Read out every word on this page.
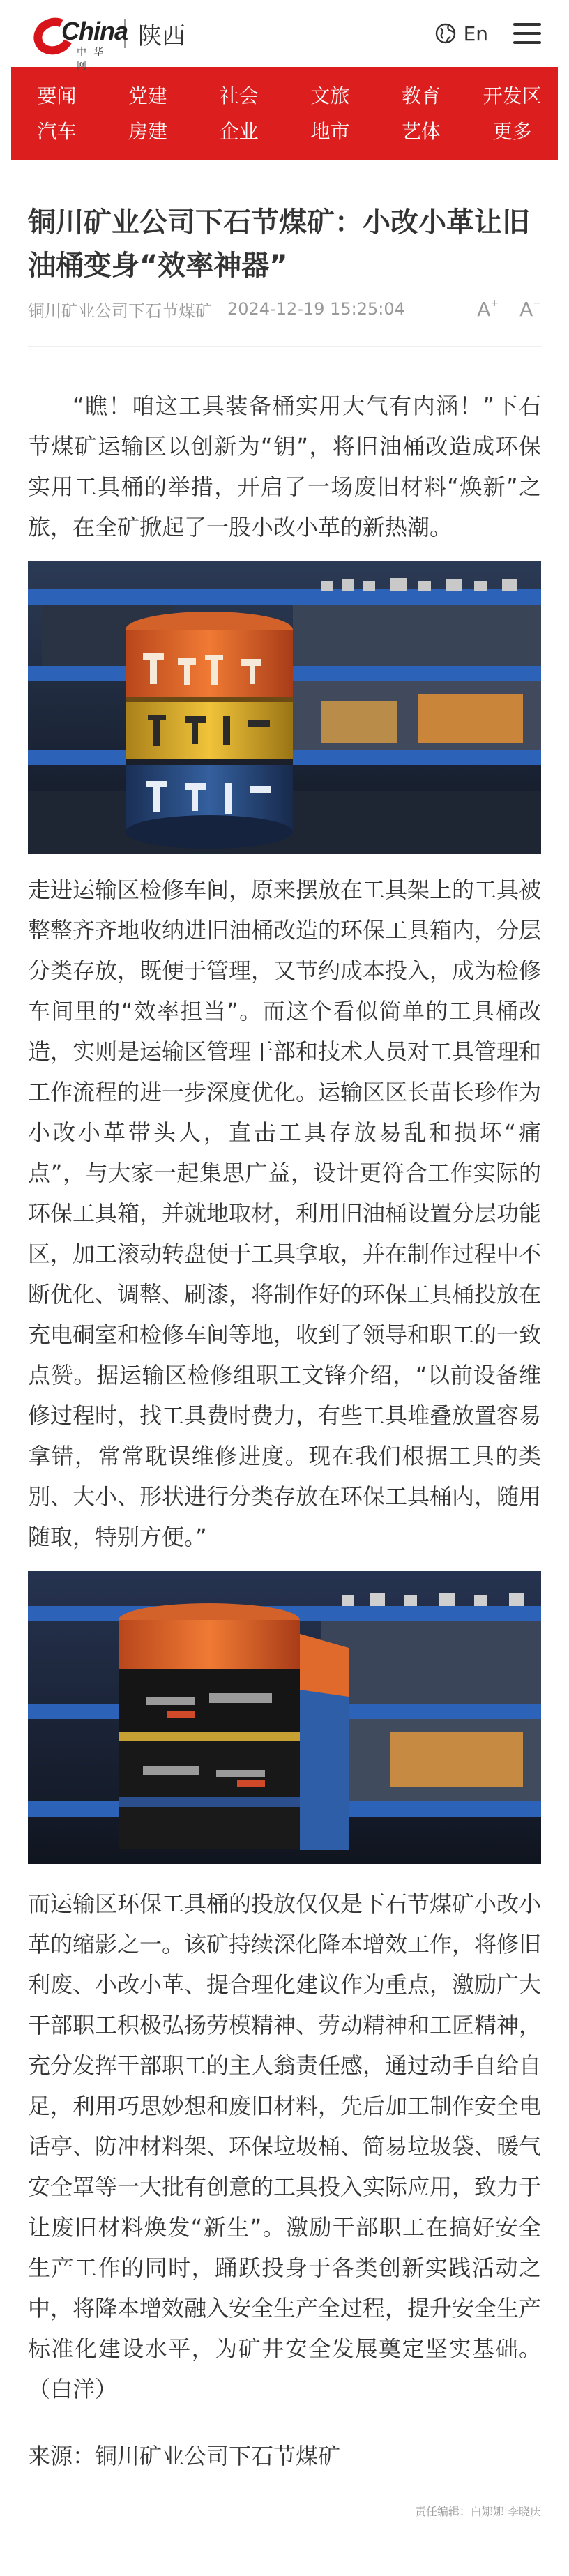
China
中 华 网
陕西	En
要闻	党建	社会	文旅	教育	开发区
汽车	房建	企业	地市	艺体	更多
铜川矿业公司下石节煤矿：小改小革让旧油桶变身“效率神器”
铜川矿业公司下石节煤矿 2024-12-19 15:25:04	A+ A−

“瞧！咱这工具装备桶实用大气有内涵！”下石节煤矿运输区以创新为“钥”，将旧油桶改造成环保实用工具桶的举措，开启了一场废旧材料“焕新”之旅，在全矿掀起了一股小改小革的新热潮。

走进运输区检修车间，原来摆放在工具架上的工具被整整齐齐地收纳进旧油桶改造的环保工具箱内，分层分类存放，既便于管理，又节约成本投入，成为检修车间里的“效率担当”。而这个看似简单的工具桶改造，实则是运输区管理干部和技术人员对工具管理和工作流程的进一步深度优化。运输区区长苗长珍作为小改小革带头人，直击工具存放易乱和损坏“痛点”，与大家一起集思广益，设计更符合工作实际的环保工具箱，并就地取材，利用旧油桶设置分层功能区，加工滚动转盘便于工具拿取，并在制作过程中不断优化、调整、刷漆，将制作好的环保工具桶投放在充电硐室和检修车间等地，收到了领导和职工的一致点赞。据运输区检修组职工文锋介绍，“以前设备维修过程时，找工具费时费力，有些工具堆叠放置容易拿错，常常耽误维修进度。现在我们根据工具的类别、大小、形状进行分类存放在环保工具桶内，随用随取，特别方便。”

而运输区环保工具桶的投放仅仅是下石节煤矿小改小革的缩影之一。该矿持续深化降本增效工作，将修旧利废、小改小革、提合理化建议作为重点，激励广大干部职工积极弘扬劳模精神、劳动精神和工匠精神，充分发挥干部职工的主人翁责任感，通过动手自给自足，利用巧思妙想和废旧材料，先后加工制作安全电话亭、防冲材料架、环保垃圾桶、简易垃圾袋、暖气安全罩等一大批有创意的工具投入实际应用，致力于让废旧材料焕发“新生”。激励干部职工在搞好安全生产工作的同时，踊跃投身于各类创新实践活动之中，将降本增效融入安全生产全过程，提升安全生产标准化建设水平，为矿井安全发展奠定坚实基础。（白洋）

来源：铜川矿业公司下石节煤矿

责任编辑：白娜娜 李晓庆
